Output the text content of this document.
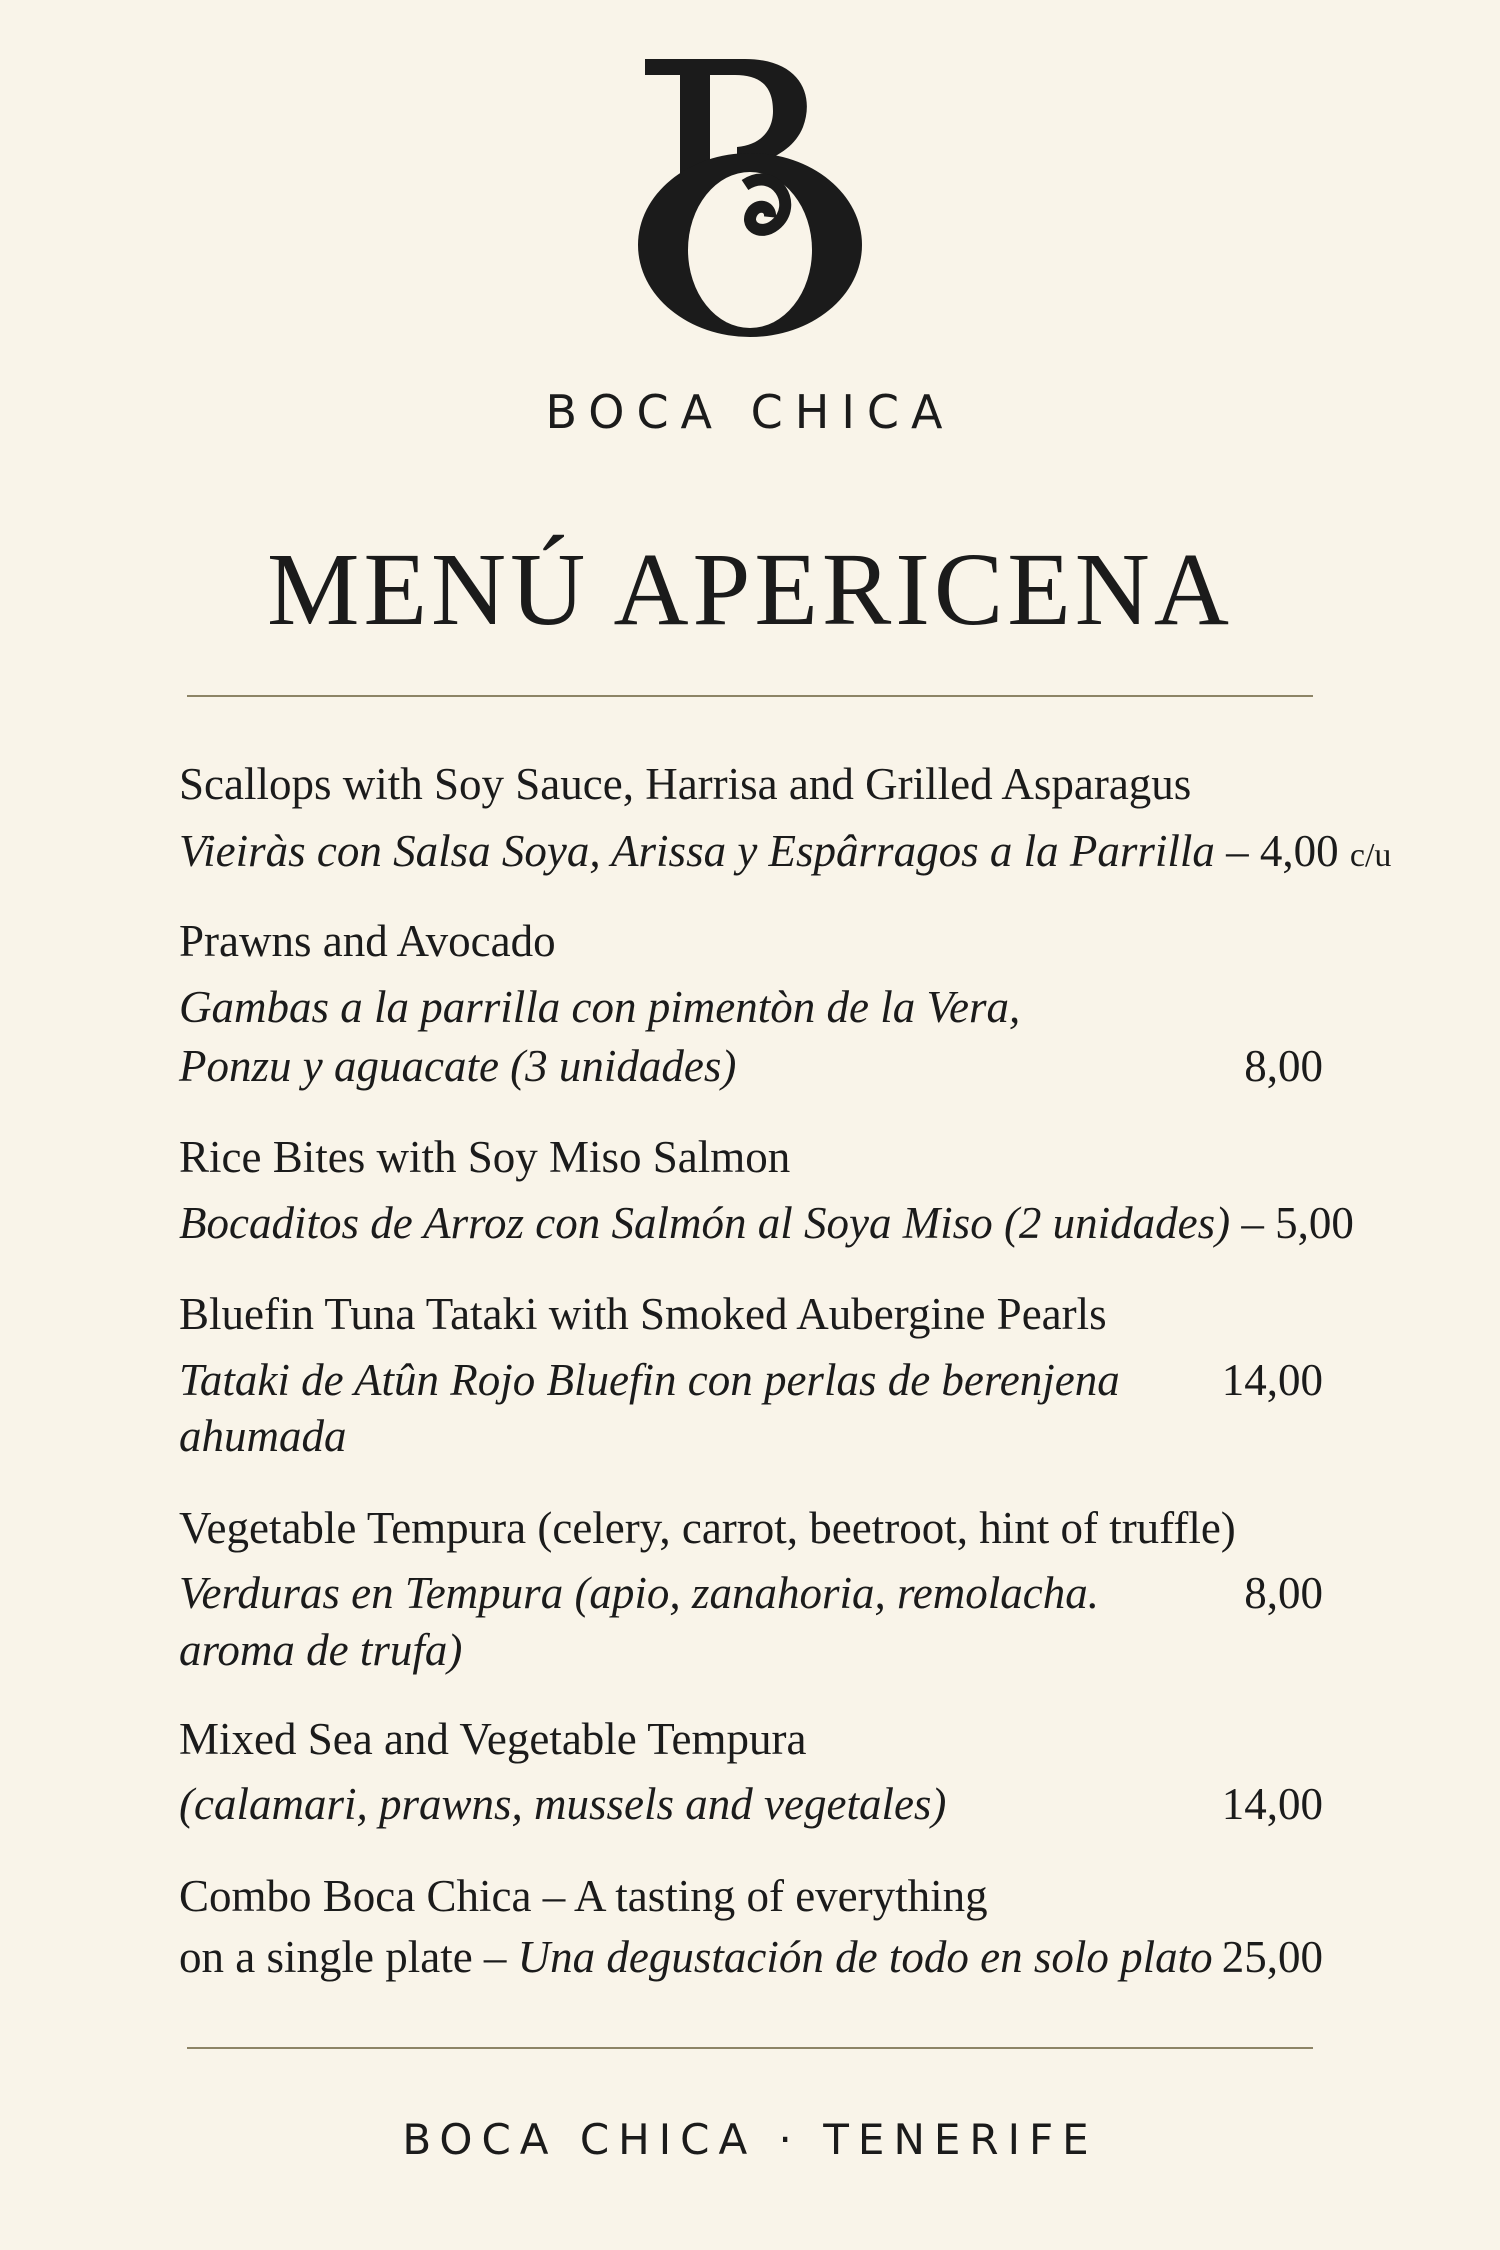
BOCA CHICA
MENÚ APERICENA
Scallops with Soy Sauce, Harrisa and Grilled Asparagus
Vieiràs con Salsa Soya, Arissa y Espârragos a la Parrilla – 4,00 c/u
Prawns and Avocado
Gambas a la parrilla con pimentòn de la Vera,
Ponzu y aguacate (3 unidades)	8,00
Rice Bites with Soy Miso Salmon
Bocaditos de Arroz con Salmón al Soya Miso (2 unidades) – 5,00
Bluefin Tuna Tataki with Smoked Aubergine Pearls
Tataki de Atûn Rojo Bluefin con perlas de berenjena 14,00
ahumada
Vegetable Tempura (celery, carrot, beetroot, hint of truffle)
Verduras en Tempura (apio, zanahoria, remolacha.	8,00
aroma de trufa)
Mixed Sea and Vegetable Tempura
(calamari, prawns, mussels and vegetales)	14,00
Combo Boca Chica – A tasting of everything
on a single plate – Una degustación de todo en solo plato 25,00
BOCA CHICA · TENERIFE
